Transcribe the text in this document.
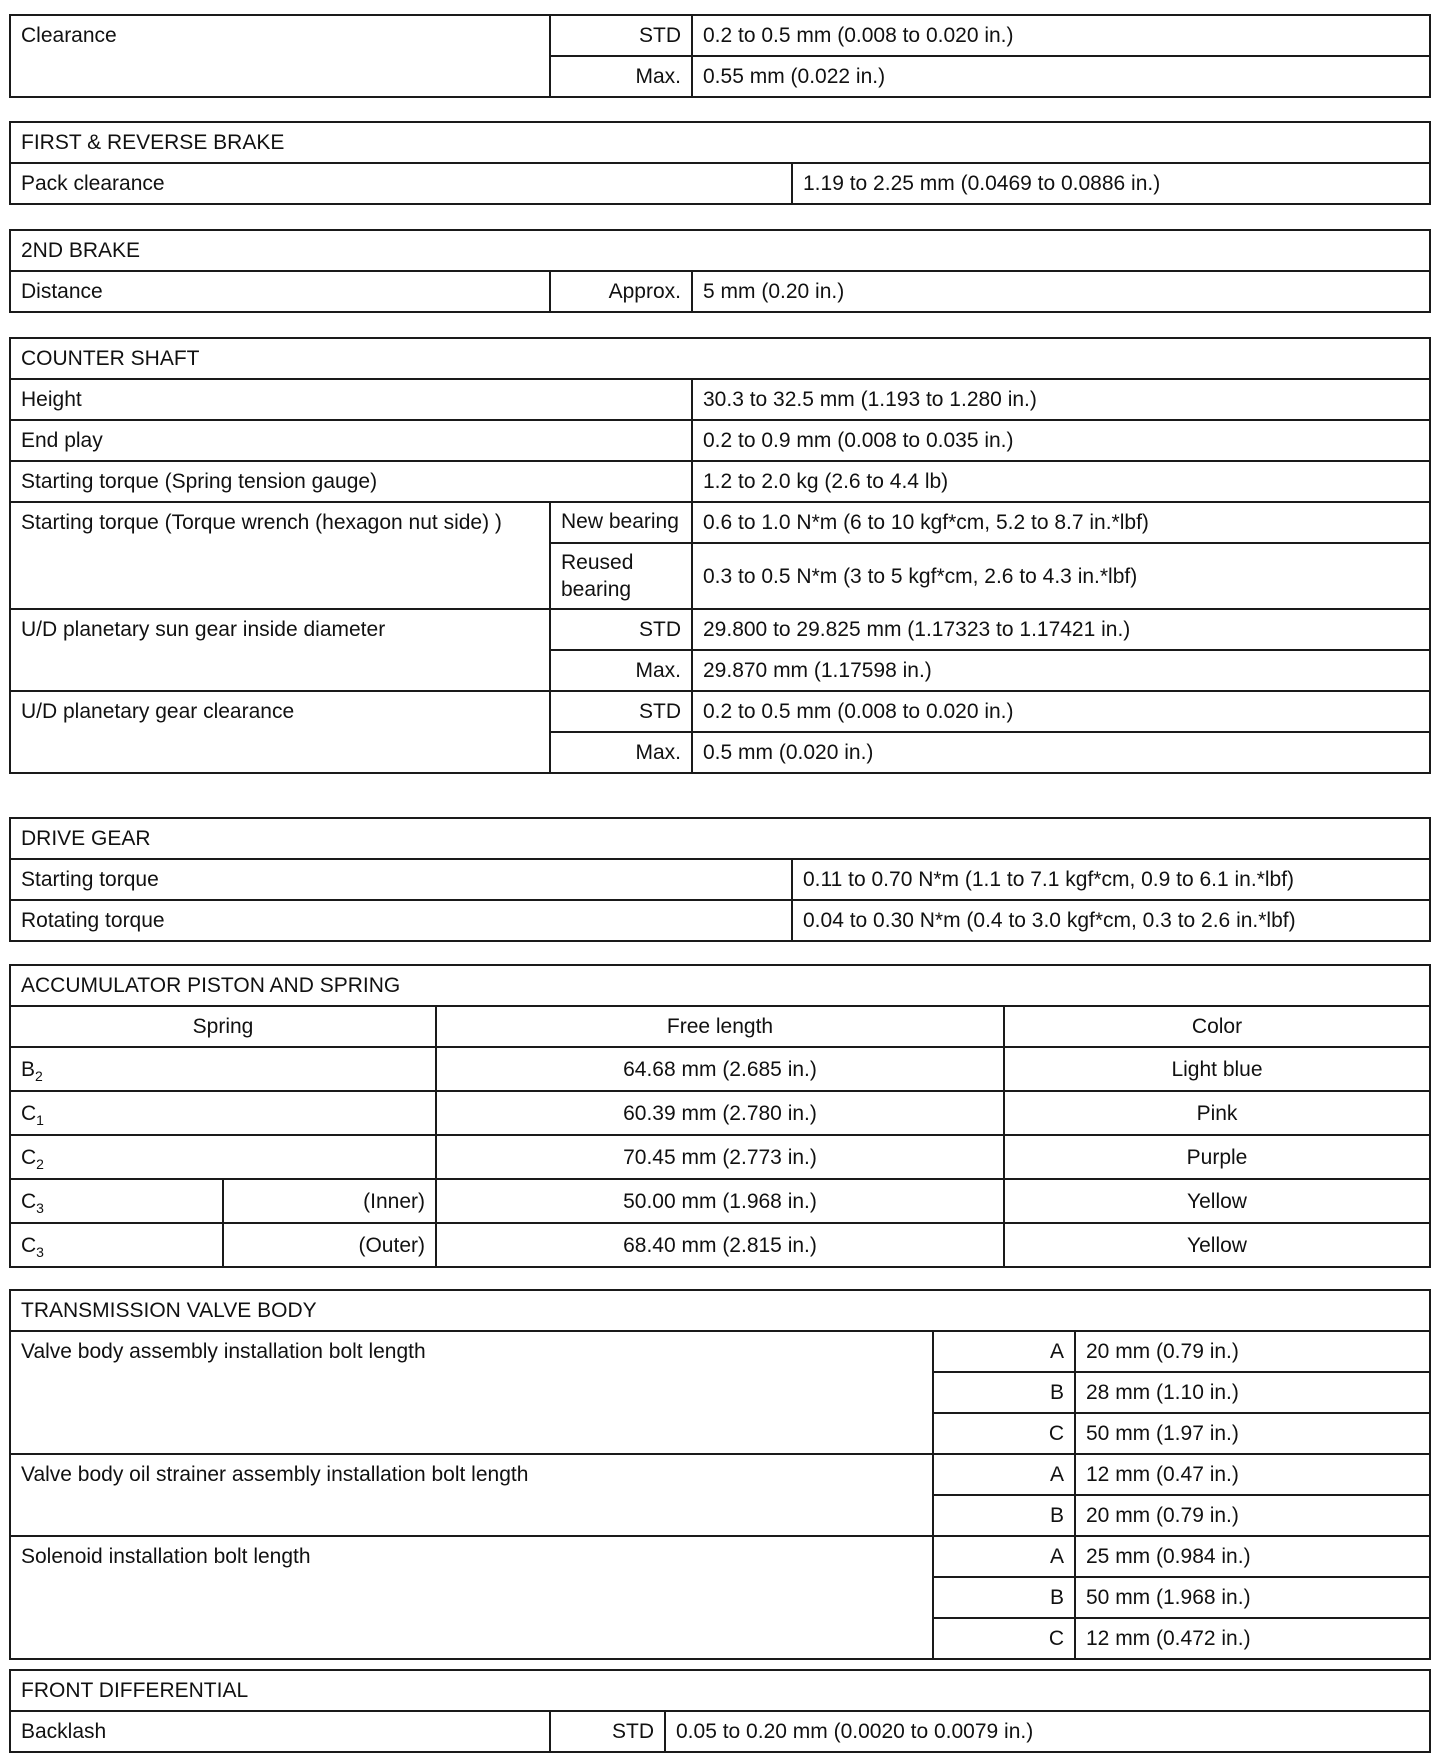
Clearance	STD	0.2 to 0.5 mm (0.008 to 0.020 in.)
	Max.	0.55 mm (0.022 in.)
FIRST & REVERSE BRAKE
Pack clearance	1.19 to 2.25 mm (0.0469 to 0.0886 in.)
2ND BRAKE
Distance	Approx.	5 mm (0.20 in.)
COUNTER SHAFT		
Height		30.3 to 32.5 mm (1.193 to 1.280 in.)
End play		0.2 to 0.9 mm (0.008 to 0.035 in.)
Starting torque (Spring tension gauge)		1.2 to 2.0 kg (2.6 to 4.4 lb)
Starting torque (Torque wrench (hexagon nut side) )	New bearing	0.6 to 1.0 N*m (6 to 10 kgf*cm, 5.2 to 8.7 in.*lbf)
	Reused bearing	0.3 to 0.5 N*m (3 to 5 kgf*cm, 2.6 to 4.3 in.*lbf)
U/D planetary sun gear inside diameter	STD	29.800 to 29.825 mm (1.17323 to 1.17421 in.)
	Max.	29.870 mm (1.17598 in.)
U/D planetary gear clearance	STD	0.2 to 0.5 mm (0.008 to 0.020 in.)
	Max.	0.5 mm (0.020 in.)
DRIVE GEAR	
Starting torque	0.11 to 0.70 N*m (1.1 to 7.1 kgf*cm, 0.9 to 6.1 in.*lbf)
Rotating torque	0.04 to 0.30 N*m (0.4 to 3.0 kgf*cm, 0.3 to 2.6 in.*lbf)
ACCUMULATOR PISTON AND SPRING			
Spring		Free length	Color
$B_2$		64.68 mm (2.685 in.)	Light blue
$C_1$		60.39 mm (2.780 in.)	Pink
$C_2$		70.45 mm (2.773 in.)	Purple
$C_3$	(Inner)	50.00 mm (1.968 in.)	Yellow
$C_3$	(Outer)	68.40 mm (2.815 in.)	Yellow
TRANSMISSION VALVE BODY		
Valve body assembly installation bolt length	A	20 mm (0.79 in.)
	B	28 mm (1.10 in.)
	C	50 mm (1.97 in.)
Valve body oil strainer assembly installation bolt length	A	12 mm (0.47 in.)
	B	20 mm (0.79 in.)
Solenoid installation bolt length	A	25 mm (0.984 in.)
	B	50 mm (1.968 in.)
	C	12 mm (0.472 in.)
FRONT DIFFERENTIAL
Backlash	STD	0.05 to 0.20 mm (0.0020 to 0.0079 in.)
